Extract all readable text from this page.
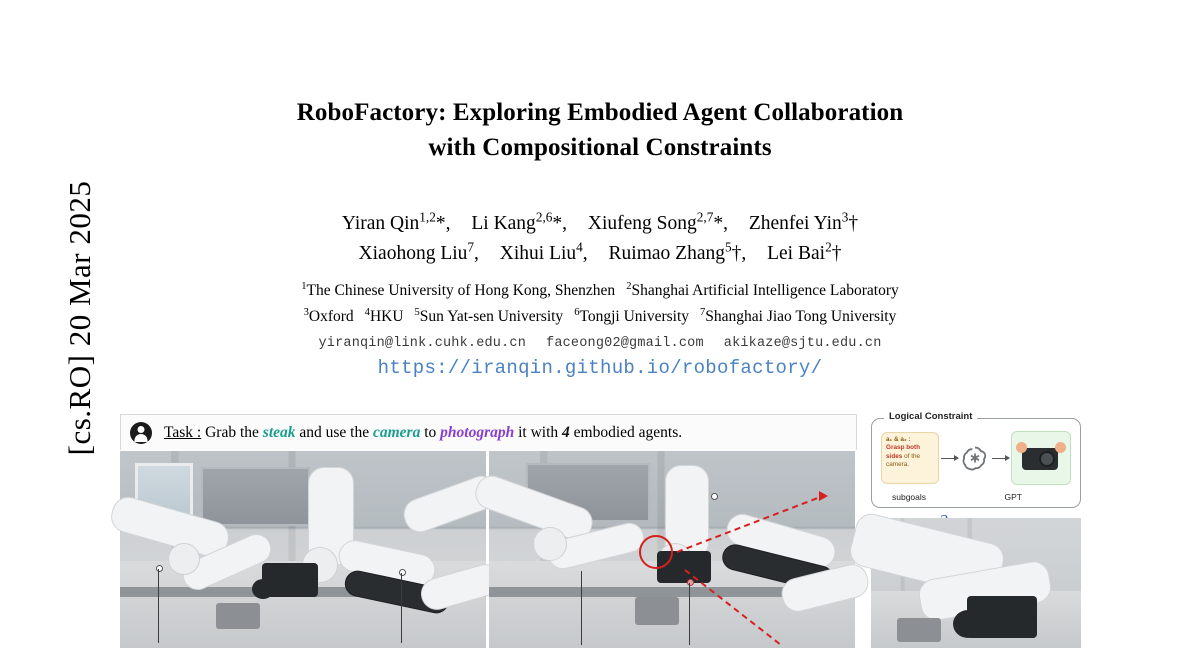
[cs.RO] 20 Mar 2025
RoboFactory: Exploring Embodied Agent Collaboration
with Compositional Constraints
Yiran Qin$^{1,2}$*, Li Kang$^{2,6}$*, Xiufeng Song$^{2,7}$*, Zhenfei Yin$^3$†
Xiaohong Liu$^7$, Xihui Liu$^4$, Ruimao Zhang$^5$†, Lei Bai$^2$†
$^1$The Chinese University of Hong Kong, Shenzhen $^2$Shanghai Artificial Intelligence Laboratory
$^3$Oxford $^4$HKU $^5$Sun Yat-sen University $^6$Tongji University $^7$Shanghai Jiao Tong University
yiranqin@link.cuhk.edu.cn faceong02@gmail.com akikaze@sjtu.edu.cn
https://iranqin.github.io/robofactory/
Task : Grab the steak and use the camera to photograph it with 4 embodied agents.
Logical Constraint
a₁ & a₂ :
Grasp both sides of the camera.
subgoals	GPT
